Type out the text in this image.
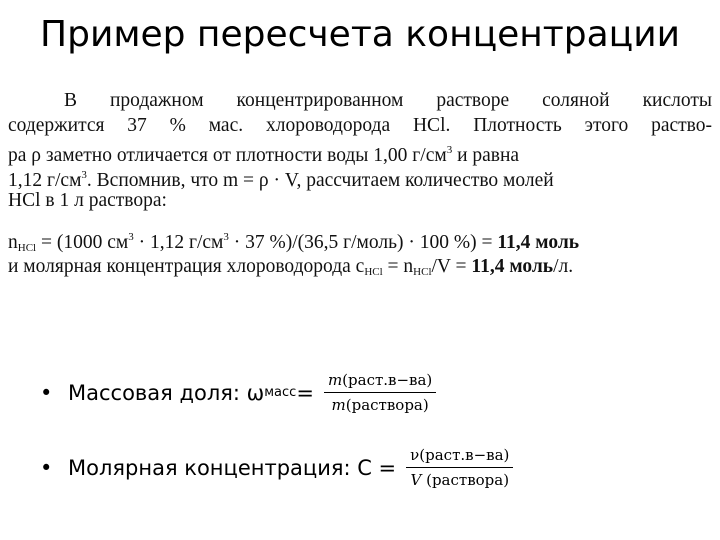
Пример пересчета концентрации
В продажном концентрированном растворе соляной кислоты
содержится 37 % мас. хлороводорода HCl. Плотность этого раство-
ра ρ заметно отличается от плотности воды 1,00 $г/см^3$ и равна
1,12 $г/см^3$. Вспомнив, что m = ρ · V, рассчитаем количество молей
HCl в 1 л раствора:
$n_{HCl} = (1000$ $см^3 \cdot 1,12$ $г/см^3 \cdot 37$ %)/(36,5 г/моль) · 100 %) = 11,4 моль
и молярная концентрация хлороводорода $с_{HCl} = n_{HCl}/V = 11,4$ моль/л.
• Массовая доля: ω масс = $\frac{\text{m(раст.в−ва)}}{\text{m(раствора)}}$
• Молярная концентрация: $С = \frac{\text{ν(раст.в−ва)}}{\text{V (раствора)}}$
